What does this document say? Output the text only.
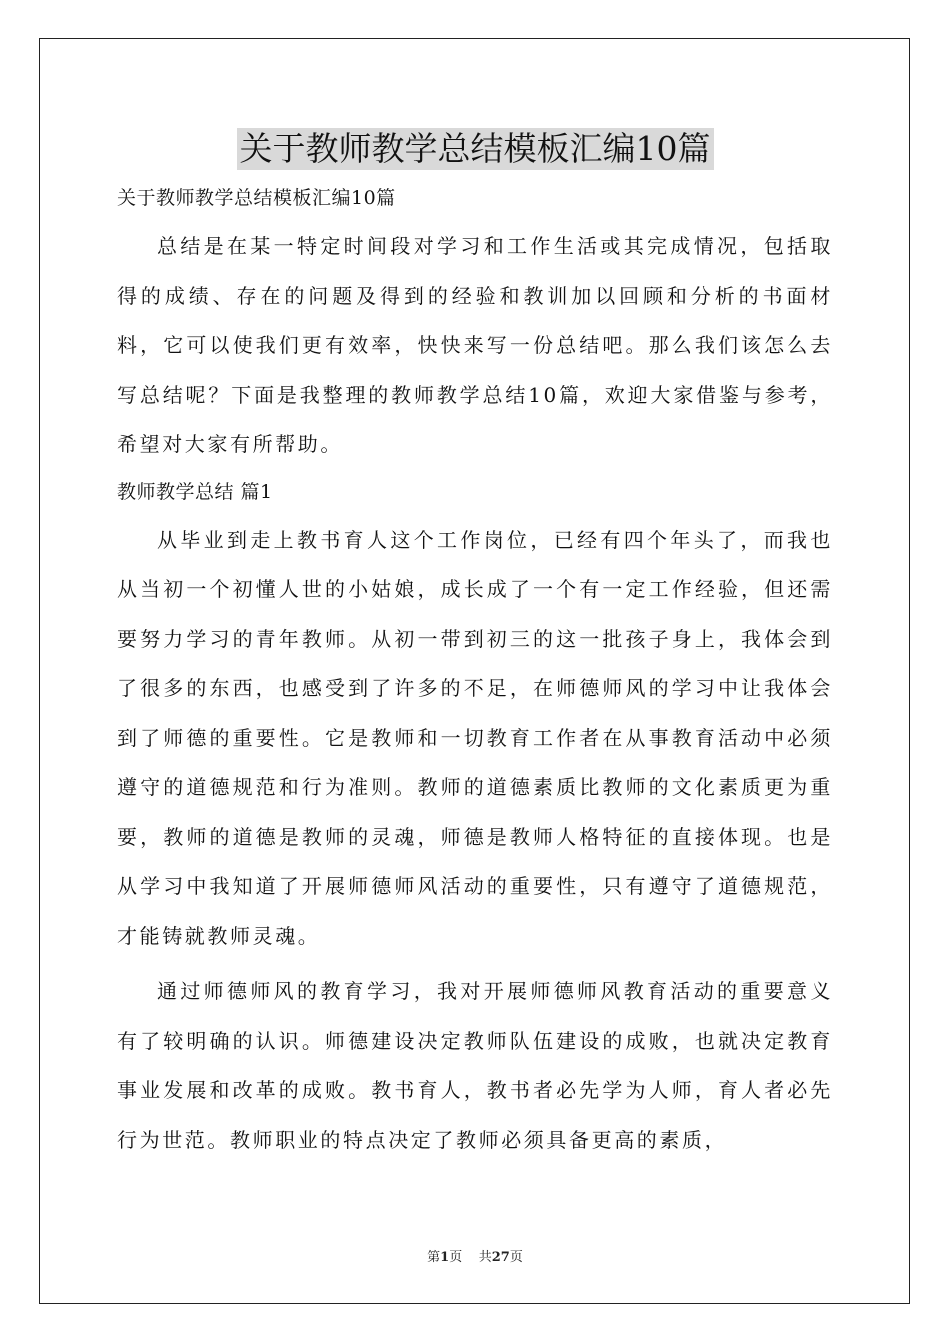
关于教师教学总结模板汇编10篇

关于教师教学总结模板汇编10篇

总结是在某一特定时间段对学习和工作生活或其完成情况，包括取得的成绩、存在的问题及得到的经验和教训加以回顾和分析的书面材料，它可以使我们更有效率，快快来写一份总结吧。那么我们该怎么去写总结呢？下面是我整理的教师教学总结10篇，欢迎大家借鉴与参考，希望对大家有所帮助。

教师教学总结 篇1

从毕业到走上教书育人这个工作岗位，已经有四个年头了，而我也从当初一个初懂人世的小姑娘，成长成了一个有一定工作经验，但还需要努力学习的青年教师。从初一带到初三的这一批孩子身上，我体会到了很多的东西，也感受到了许多的不足，在师德师风的学习中让我体会到了师德的重要性。它是教师和一切教育工作者在从事教育活动中必须遵守的道德规范和行为准则。教师的道德素质比教师的文化素质更为重要，教师的道德是教师的灵魂，师德是教师人格特征的直接体现。也是从学习中我知道了开展师德师风活动的重要性，只有遵守了道德规范，才能铸就教师灵魂。

通过师德师风的教育学习，我对开展师德师风教育活动的重要意义有了较明确的认识。师德建设决定教师队伍建设的成败，也就决定教育事业发展和改革的成败。教书育人，教书者必先学为人师，育人者必先行为世范。教师职业的特点决定了教师必须具备更高的素质，

第1页 共27页
